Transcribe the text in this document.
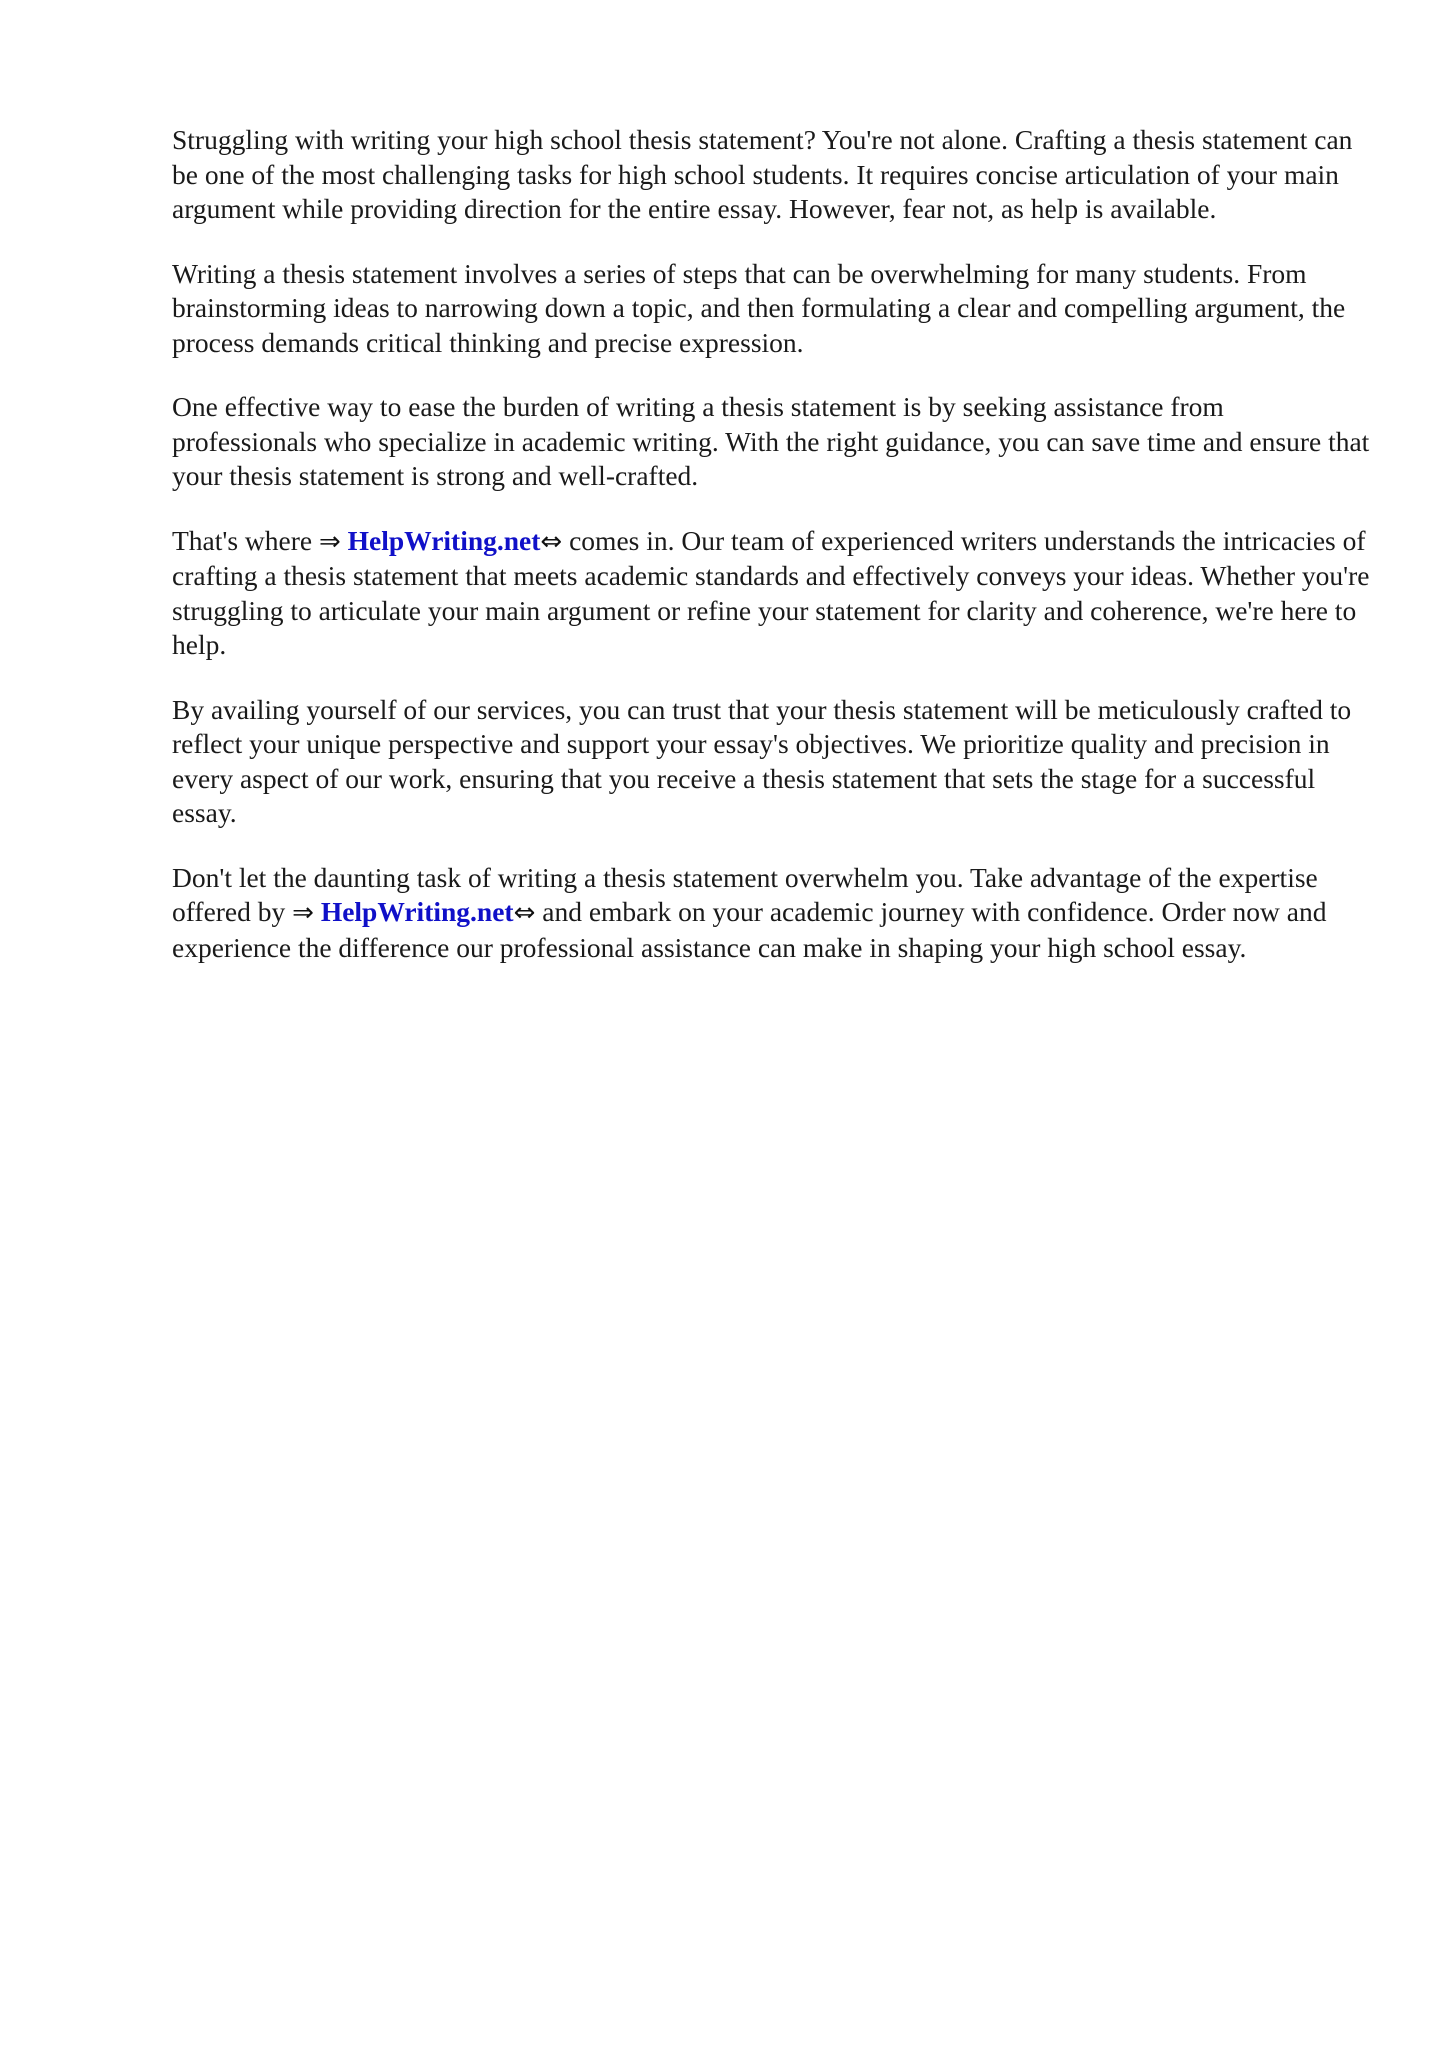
Struggling with writing your high school thesis statement? You're not alone. Crafting a thesis statement can be one of the most challenging tasks for high school students. It requires concise articulation of your main argument while providing direction for the entire essay. However, fear not, as help is available.

Writing a thesis statement involves a series of steps that can be overwhelming for many students. From brainstorming ideas to narrowing down a topic, and then formulating a clear and compelling argument, the process demands critical thinking and precise expression.

One effective way to ease the burden of writing a thesis statement is by seeking assistance from professionals who specialize in academic writing. With the right guidance, you can save time and ensure that your thesis statement is strong and well-crafted.

That's where ⇒ HelpWriting.net⇔ comes in. Our team of experienced writers understands the intricacies of crafting a thesis statement that meets academic standards and effectively conveys your ideas. Whether you're struggling to articulate your main argument or refine your statement for clarity and coherence, we're here to help.

By availing yourself of our services, you can trust that your thesis statement will be meticulously crafted to reflect your unique perspective and support your essay's objectives. We prioritize quality and precision in every aspect of our work, ensuring that you receive a thesis statement that sets the stage for a successful essay.

Don't let the daunting task of writing a thesis statement overwhelm you. Take advantage of the expertise offered by ⇒ HelpWriting.net⇔ and embark on your academic journey with confidence. Order now and experience the difference our professional assistance can make in shaping your high school essay.
